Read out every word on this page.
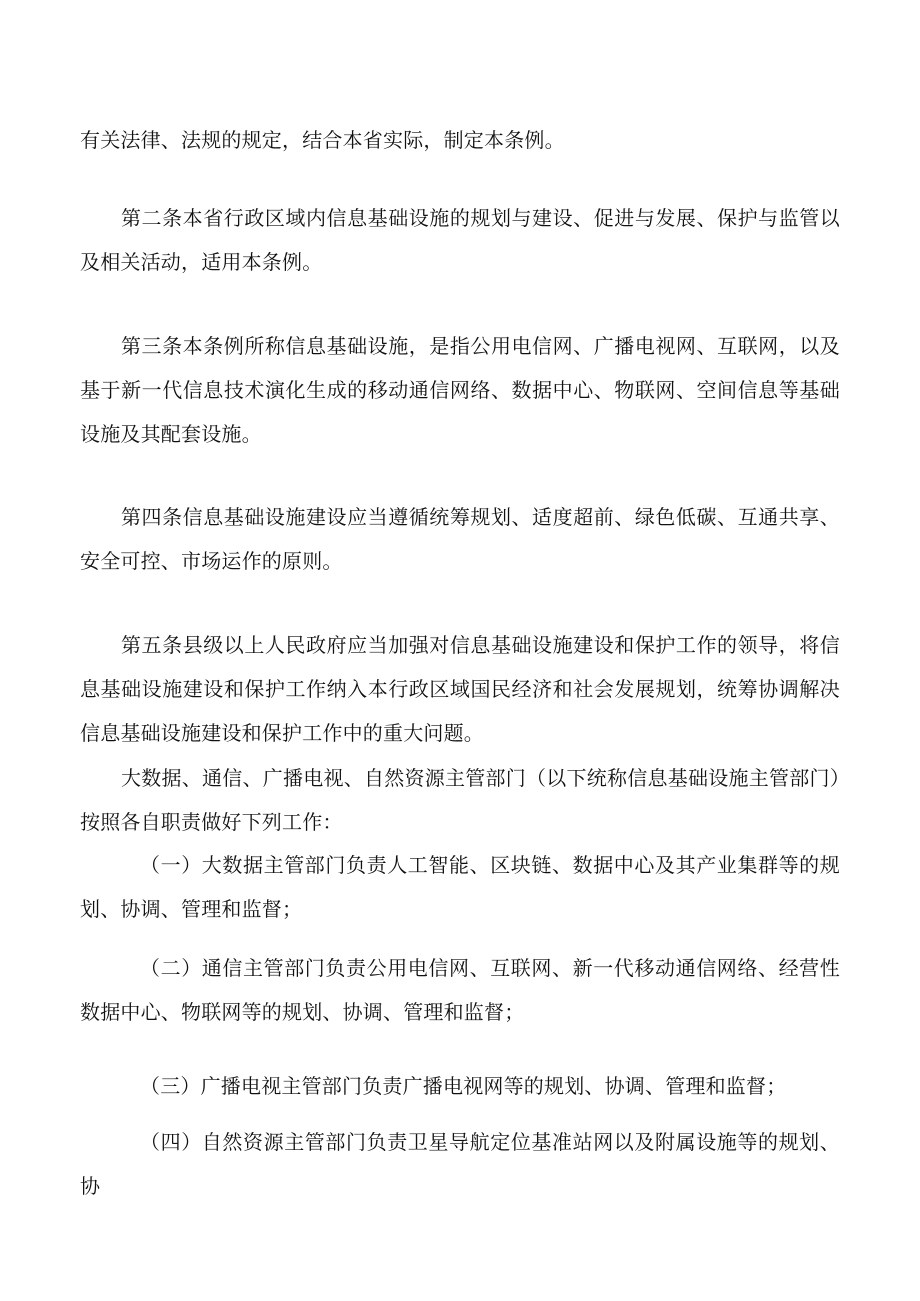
有关法律、法规的规定，结合本省实际，制定本条例。

第二条本省行政区域内信息基础设施的规划与建设、促进与发展、保护与监管以及相关活动，适用本条例。

第三条本条例所称信息基础设施，是指公用电信网、广播电视网、互联网，以及基于新一代信息技术演化生成的移动通信网络、数据中心、物联网、空间信息等基础设施及其配套设施。

第四条信息基础设施建设应当遵循统筹规划、适度超前、绿色低碳、互通共享、安全可控、市场运作的原则。

第五条县级以上人民政府应当加强对信息基础设施建设和保护工作的领导，将信息基础设施建设和保护工作纳入本行政区域国民经济和社会发展规划，统筹协调解决信息基础设施建设和保护工作中的重大问题。

大数据、通信、广播电视、自然资源主管部门（以下统称信息基础设施主管部门）按照各自职责做好下列工作：

（一）大数据主管部门负责人工智能、区块链、数据中心及其产业集群等的规划、协调、管理和监督；

（二）通信主管部门负责公用电信网、互联网、新一代移动通信网络、经营性数据中心、物联网等的规划、协调、管理和监督；

（三）广播电视主管部门负责广播电视网等的规划、协调、管理和监督；

（四）自然资源主管部门负责卫星导航定位基准站网以及附属设施等的规划、协
